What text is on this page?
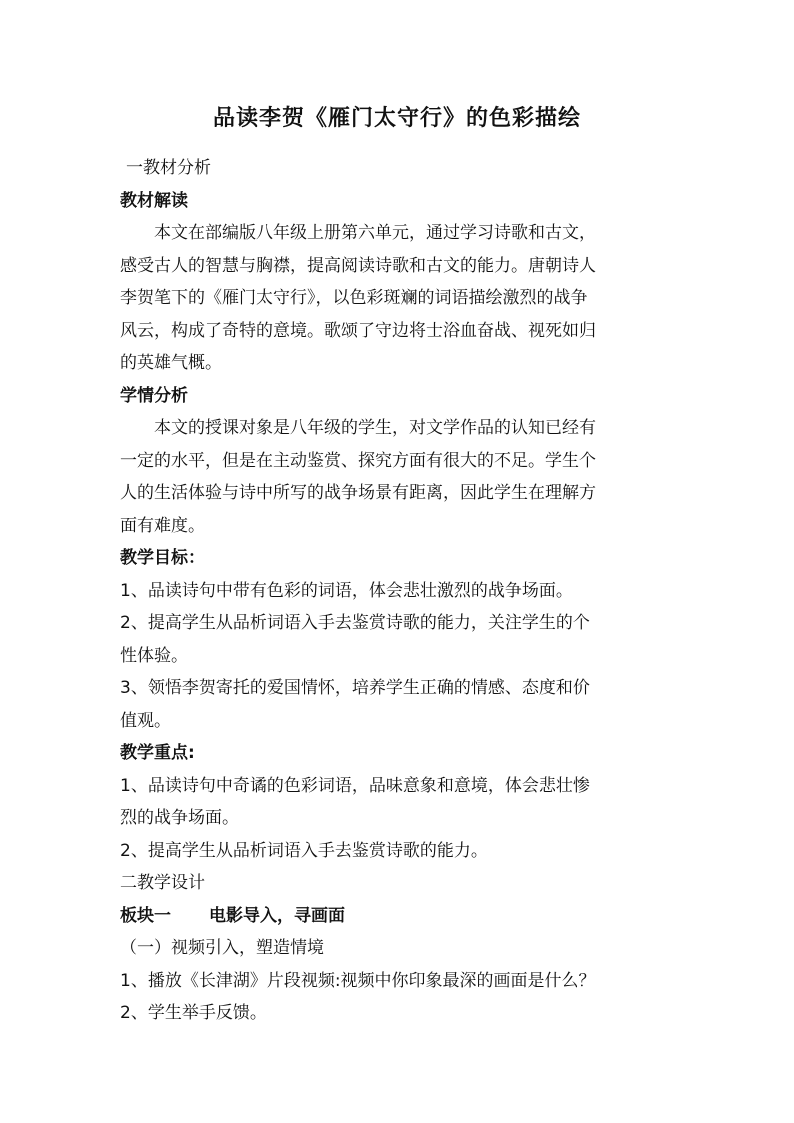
品读李贺《雁门太守行》的色彩描绘

一教材分析

教材解读

本文在部编版八年级上册第六单元，通过学习诗歌和古文，

感受古人的智慧与胸襟，提高阅读诗歌和古文的能力。唐朝诗人

李贺笔下的《雁门太守行》，以色彩斑斓的词语描绘激烈的战争

风云，构成了奇特的意境。歌颂了守边将士浴血奋战、视死如归

的英雄气概。

学情分析

本文的授课对象是八年级的学生，对文学作品的认知已经有

一定的水平，但是在主动鉴赏、探究方面有很大的不足。学生个

人的生活体验与诗中所写的战争场景有距离，因此学生在理解方

面有难度。

教学目标：

1、品读诗句中带有色彩的词语，体会悲壮激烈的战争场面。

2、提高学生从品析词语入手去鉴赏诗歌的能力，关注学生的个

性体验。

3、领悟李贺寄托的爱国情怀，培养学生正确的情感、态度和价

值观。

教学重点:

1、品读诗句中奇谲的色彩词语，品味意象和意境，体会悲壮惨

烈的战争场面。

2、提高学生从品析词语入手去鉴赏诗歌的能力。

二教学设计

板块一 电影导入，寻画面

（一）视频引入，塑造情境

1、播放《长津湖》片段视频:视频中你印象最深的画面是什么？

2、学生举手反馈。
